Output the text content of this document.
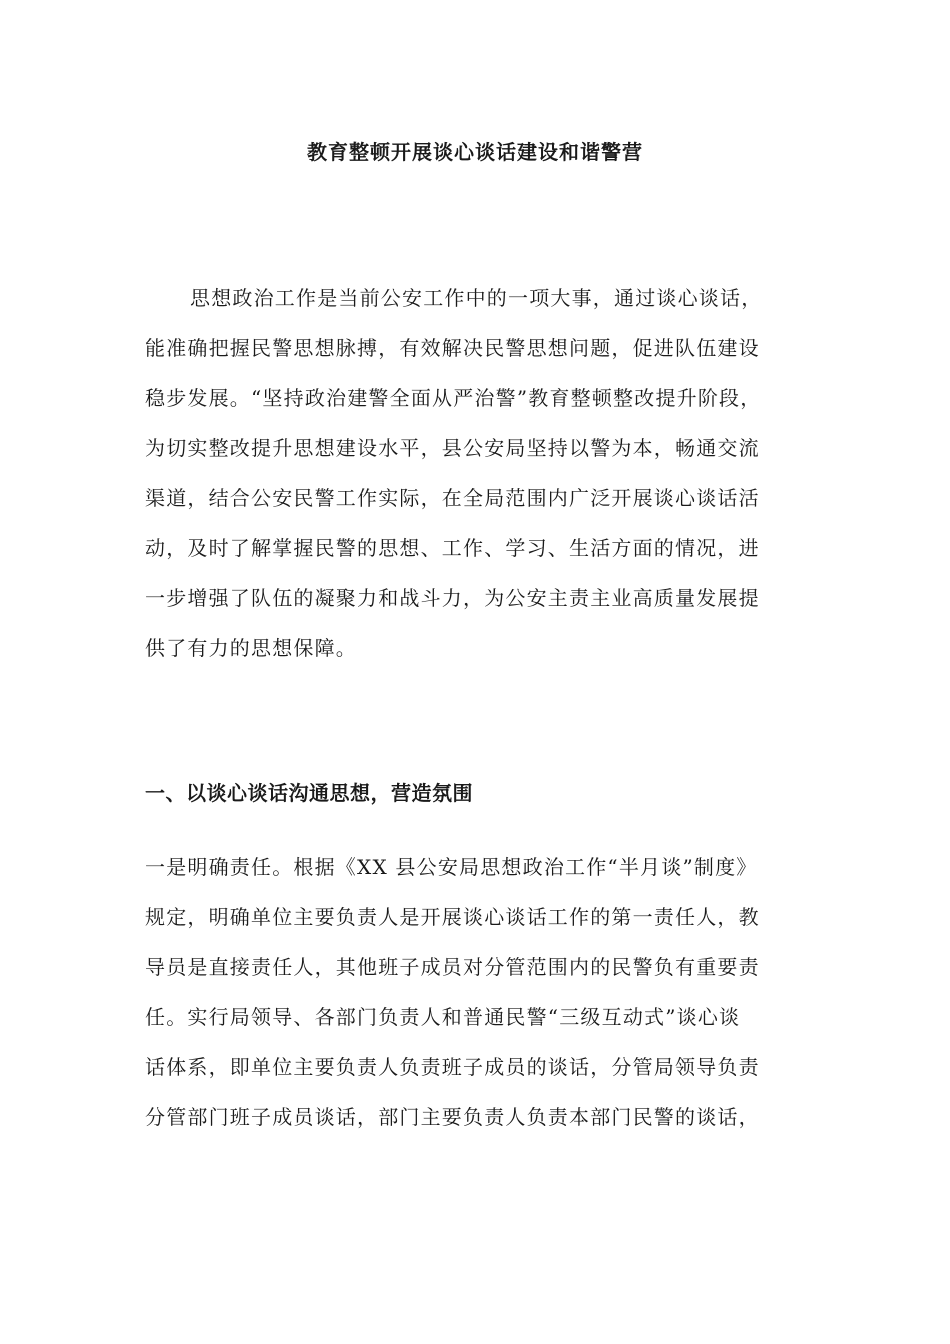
教育整顿开展谈心谈话建设和谐警营
思想政治工作是当前公安工作中的一项大事，通过谈心谈话，
能准确把握民警思想脉搏，有效解决民警思想问题，促进队伍建设
稳步发展。“坚持政治建警全面从严治警”教育整顿整改提升阶段，
为切实整改提升思想建设水平，县公安局坚持以警为本，畅通交流
渠道，结合公安民警工作实际，在全局范围内广泛开展谈心谈话活
动，及时了解掌握民警的思想、工作、学习、生活方面的情况，进
一步增强了队伍的凝聚力和战斗力，为公安主责主业高质量发展提
供了有力的思想保障。
一、以谈心谈话沟通思想，营造氛围
一是明确责任。根据《XX 县公安局思想政治工作“半月谈”制度》
规定，明确单位主要负责人是开展谈心谈话工作的第一责任人，教
导员是直接责任人，其他班子成员对分管范围内的民警负有重要责
任。实行局领导、各部门负责人和普通民警“三级互动式”谈心谈
话体系，即单位主要负责人负责班子成员的谈话，分管局领导负责
分管部门班子成员谈话，部门主要负责人负责本部门民警的谈话，
